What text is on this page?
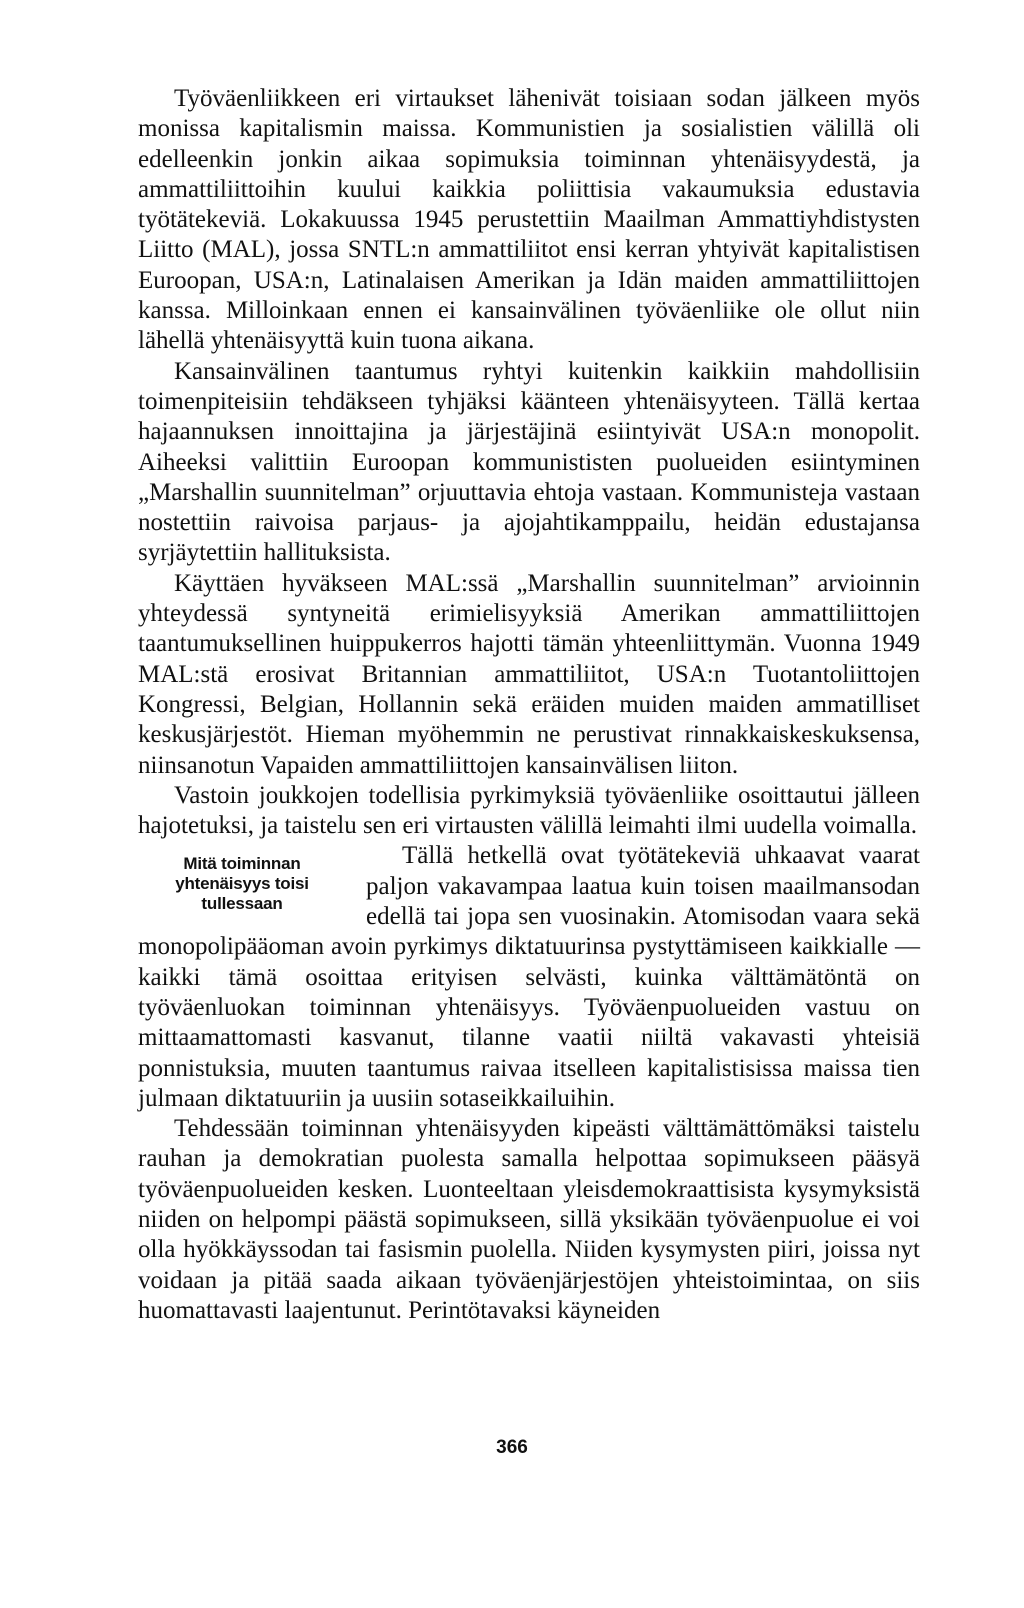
Työväenliikkeen eri virtaukset lähenivät toisiaan sodan jälkeen myös monissa kapitalismin maissa. Kommunistien ja sosialistien välillä oli edelleenkin jonkin aikaa sopimuksia toiminnan yhtenäisyydestä, ja ammattiliittoihin kuului kaikkia poliittisia vakaumuksia edustavia työtätekeviä. Lokakuussa 1945 perustettiin Maailman Ammattiyhdistysten Liitto (MAL), jossa SNTL:n ammattiliitot ensi kerran yhtyivät kapitalistisen Euroopan, USA:n, Latinalaisen Amerikan ja Idän maiden ammattiliittojen kanssa. Milloinkaan ennen ei kansainvälinen työväenliike ole ollut niin lähellä yhtenäisyyttä kuin tuona aikana.

Kansainvälinen taantumus ryhtyi kuitenkin kaikkiin mahdollisiin toimenpiteisiin tehdäkseen tyhjäksi käänteen yhtenäisyyteen. Tällä kertaa hajaannuksen innoittajina ja järjestäjinä esiintyivät USA:n monopolit. Aiheeksi valittiin Euroopan kommunististen puolueiden esiintyminen „Marshallin suunnitelman” orjuuttavia ehtoja vastaan. Kommunisteja vastaan nostettiin raivoisa parjaus- ja ajojahtikamppailu, heidän edustajansa syrjäytettiin hallituksista.

Käyttäen hyväkseen MAL:ssä „Marshallin suunnitelman” arvioinnin yhteydessä syntyneitä erimielisyyksiä Amerikan ammattiliittojen taantumuksellinen huippukerros hajotti tämän yhteenliittymän. Vuonna 1949 MAL:stä erosivat Britannian ammattiliitot, USA:n Tuotantoliittojen Kongressi, Belgian, Hollannin sekä eräiden muiden maiden ammatilliset keskusjärjestöt. Hieman myöhemmin ne perustivat rinnakkaiskeskuksensa, niinsanotun Vapaiden ammattiliittojen kansainvälisen liiton.

Vastoin joukkojen todellisia pyrkimyksiä työväenliike osoittautui jälleen hajotetuksi, ja taistelu sen eri virtausten välillä leimahti ilmi uudella voimalla.

Mitä toiminnan
yhtenäisyys toisi
tullessaan

Tällä hetkellä ovat työtätekeviä uhkaavat vaarat paljon vakavampaa laatua kuin toisen maailmansodan edellä tai jopa sen vuosinakin. Atomisodan vaara sekä monopolipääoman avoin pyrkimys diktatuurinsa pystyttämiseen kaikkialle — kaikki tämä osoittaa erityisen selvästi, kuinka välttämätöntä on työväenluokan toiminnan yhtenäisyys. Työväenpuolueiden vastuu on mittaamattomasti kasvanut, tilanne vaatii niiltä vakavasti yhteisiä ponnistuksia, muuten taantumus raivaa itselleen kapitalistisissa maissa tien julmaan diktatuuriin ja uusiin sotaseikkailuihin.

Tehdessään toiminnan yhtenäisyyden kipeästi välttämättömäksi taistelu rauhan ja demokratian puolesta samalla helpottaa sopimukseen pääsyä työväenpuolueiden kesken. Luonteeltaan yleisdemokraattisista kysymyksistä niiden on helpompi päästä sopimukseen, sillä yksikään työväenpuolue ei voi olla hyökkäyssodan tai fasismin puolella. Niiden kysymysten piiri, joissa nyt voidaan ja pitää saada aikaan työväenjärjestöjen yhteistoimintaa, on siis huomattavasti laajentunut. Perintötavaksi käyneiden

366
